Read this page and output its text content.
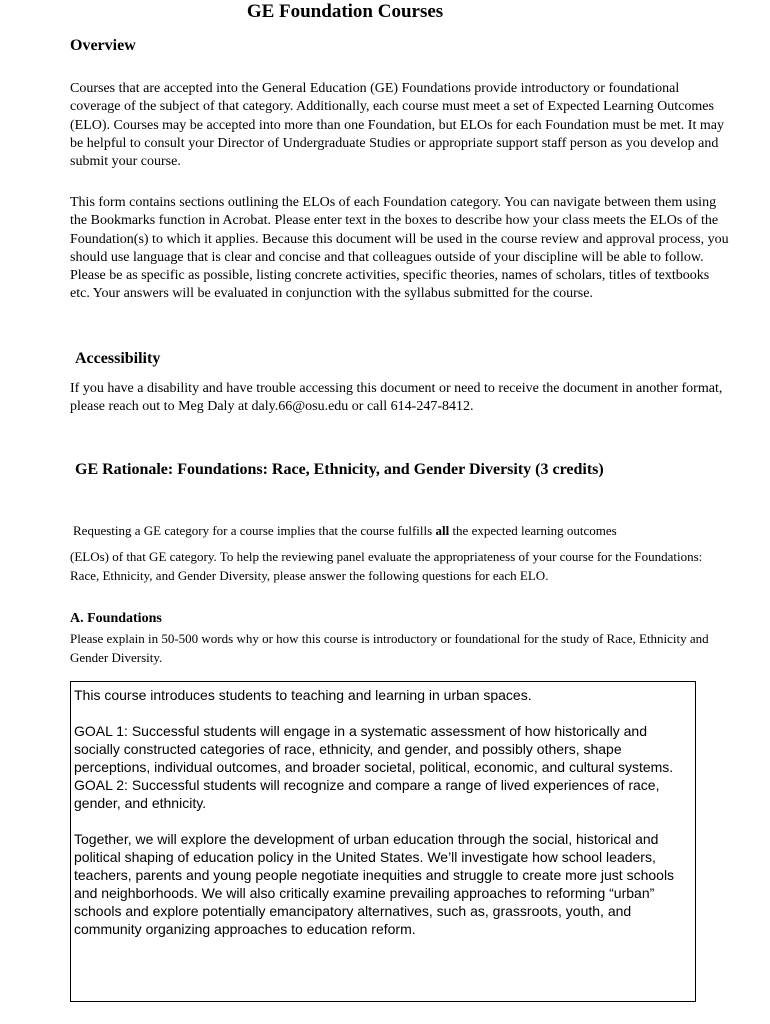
GE Foundation Courses
Overview
Courses that are accepted into the General Education (GE) Foundations provide introductory or foundational coverage of the subject of that category. Additionally, each course must meet a set of Expected Learning Outcomes (ELO). Courses may be accepted into more than one Foundation, but ELOs for each Foundation must be met. It may be helpful to consult your Director of Undergraduate Studies or appropriate support staff person as you develop and submit your course.
This form contains sections outlining the ELOs of each Foundation category. You can navigate between them using the Bookmarks function in Acrobat. Please enter text in the boxes to describe how your class meets the ELOs of the Foundation(s) to which it applies. Because this document will be used in the course review and approval process, you should use language that is clear and concise and that colleagues outside of your discipline will be able to follow. Please be as specific as possible, listing concrete activities, specific theories, names of scholars, titles of textbooks etc. Your answers will be evaluated in conjunction with the syllabus submitted for the course.
Accessibility
If you have a disability and have trouble accessing this document or need to receive the document in another format, please reach out to Meg Daly at daly.66@osu.edu or call 614-247-8412.
GE Rationale: Foundations: Race, Ethnicity, and Gender Diversity (3 credits)
Requesting a GE category for a course implies that the course fulfills all the expected learning outcomes
(ELOs) of that GE category. To help the reviewing panel evaluate the appropriateness of your course for the Foundations: Race, Ethnicity, and Gender Diversity, please answer the following questions for each ELO.
A. Foundations
Please explain in 50-500 words why or how this course is introductory or foundational for the study of Race, Ethnicity and Gender Diversity.

This course introduces students to teaching and learning in urban spaces.

GOAL 1: Successful students will engage in a systematic assessment of how historically and socially constructed categories of race, ethnicity, and gender, and possibly others, shape perceptions, individual outcomes, and broader societal, political, economic, and cultural systems. GOAL 2: Successful students will recognize and compare a range of lived experiences of race, gender, and ethnicity.

Together, we will explore the development of urban education through the social, historical and political shaping of education policy in the United States. We’ll investigate how school leaders, teachers, parents and young people negotiate inequities and struggle to create more just schools and neighborhoods. We will also critically examine prevailing approaches to reforming “urban” schools and explore potentially emancipatory alternatives, such as, grassroots, youth, and community organizing approaches to education reform.
